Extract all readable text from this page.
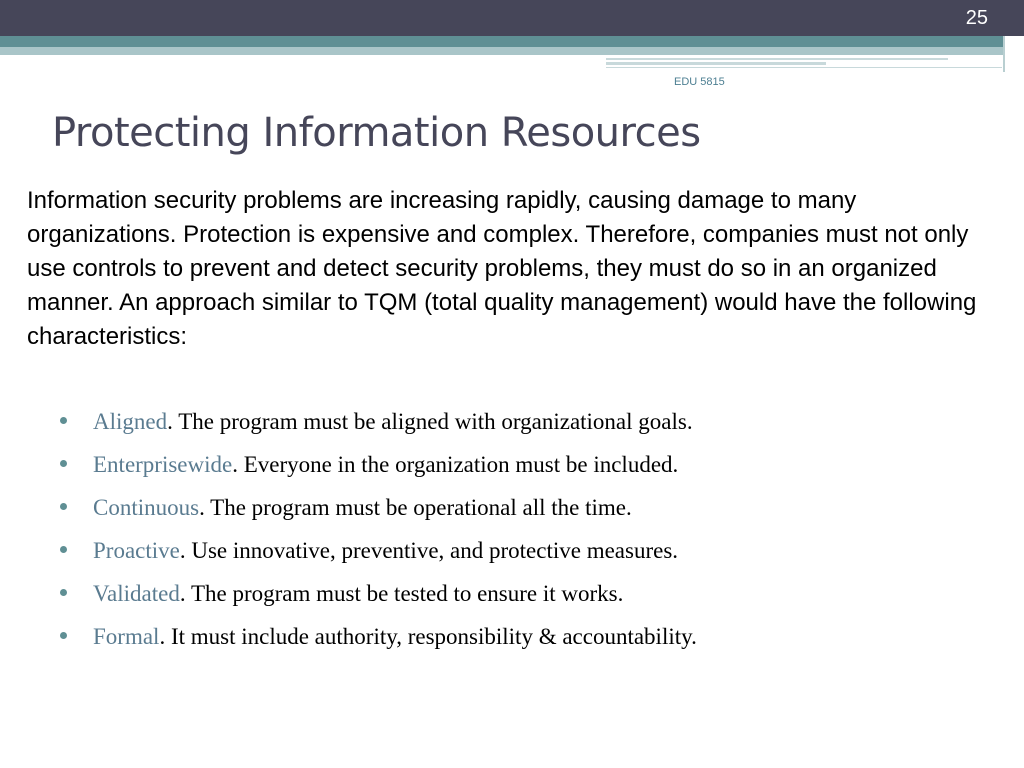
25
EDU 5815
Protecting Information Resources

Information security problems are increasing rapidly, causing damage to many organizations. Protection is expensive and complex. Therefore, companies must not only use controls to prevent and detect security problems, they must do so in an organized manner. An approach similar to TQM (total quality management) would have the following characteristics:

Aligned. The program must be aligned with organizational goals.
Enterprisewide. Everyone in the organization must be included.
Continuous. The program must be operational all the time.
Proactive. Use innovative, preventive, and protective measures.
Validated. The program must be tested to ensure it works.
Formal. It must include authority, responsibility & accountability.
